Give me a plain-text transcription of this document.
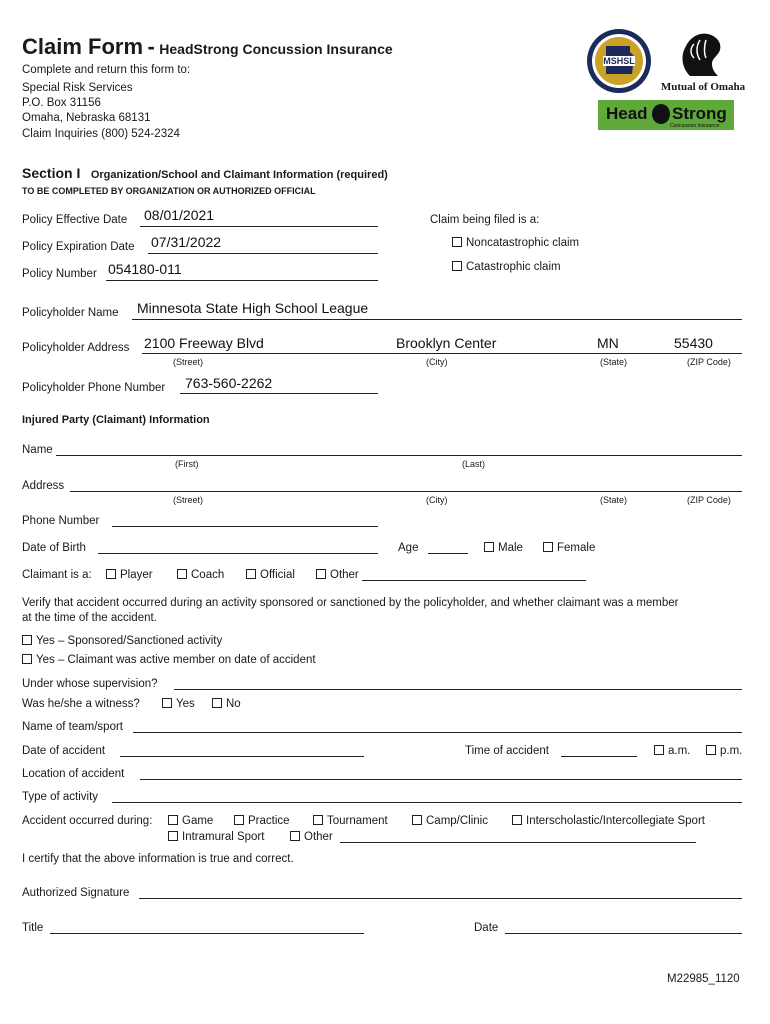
Claim Form - HeadStrong Concussion Insurance
Complete and return this form to:
Special Risk Services
P.O. Box 31156
Omaha, Nebraska 68131
Claim Inquiries (800) 524-2324
MSHSL
Mutual of Omaha
Head Strong
Concussion Insurance
Section I Organization/School and Claimant Information (required)
TO BE COMPLETED BY ORGANIZATION OR AUTHORIZED OFFICIAL
Policy Effective Date 08/01/2021
Policy Expiration Date 07/31/2022
Policy Number 054180-011
Claim being filed is a:
Noncatastrophic claim
Catastrophic claim
Policyholder Name Minnesota State High School League
Policyholder Address 2100 Freeway Blvd	Brooklyn Center	MN	55430
(Street)	(City)	(State)	(ZIP Code)
Policyholder Phone Number 763-560-2262
Injured Party (Claimant) Information
Name
(First)	(Last)
Address
(Street)	(City)	(State)	(ZIP Code)
Phone Number
Date of Birth	Age	Male	Female
Claimant is a:	Player	Coach	Official	Other
Verify that accident occurred during an activity sponsored or sanctioned by the policyholder, and whether claimant was a member
at the time of the accident.
Yes – Sponsored/Sanctioned activity
Yes – Claimant was active member on date of accident
Under whose supervision?
Was he/she a witness?	Yes	No
Name of team/sport
Date of accident	Time of accident	a.m.	p.m.
Location of accident
Type of activity
Accident occurred during:	Game	Practice	Tournament	Camp/Clinic	Interscholastic/Intercollegiate Sport
Intramural Sport	Other
I certify that the above information is true and correct.
Authorized Signature
Title	Date
M22985_1120
